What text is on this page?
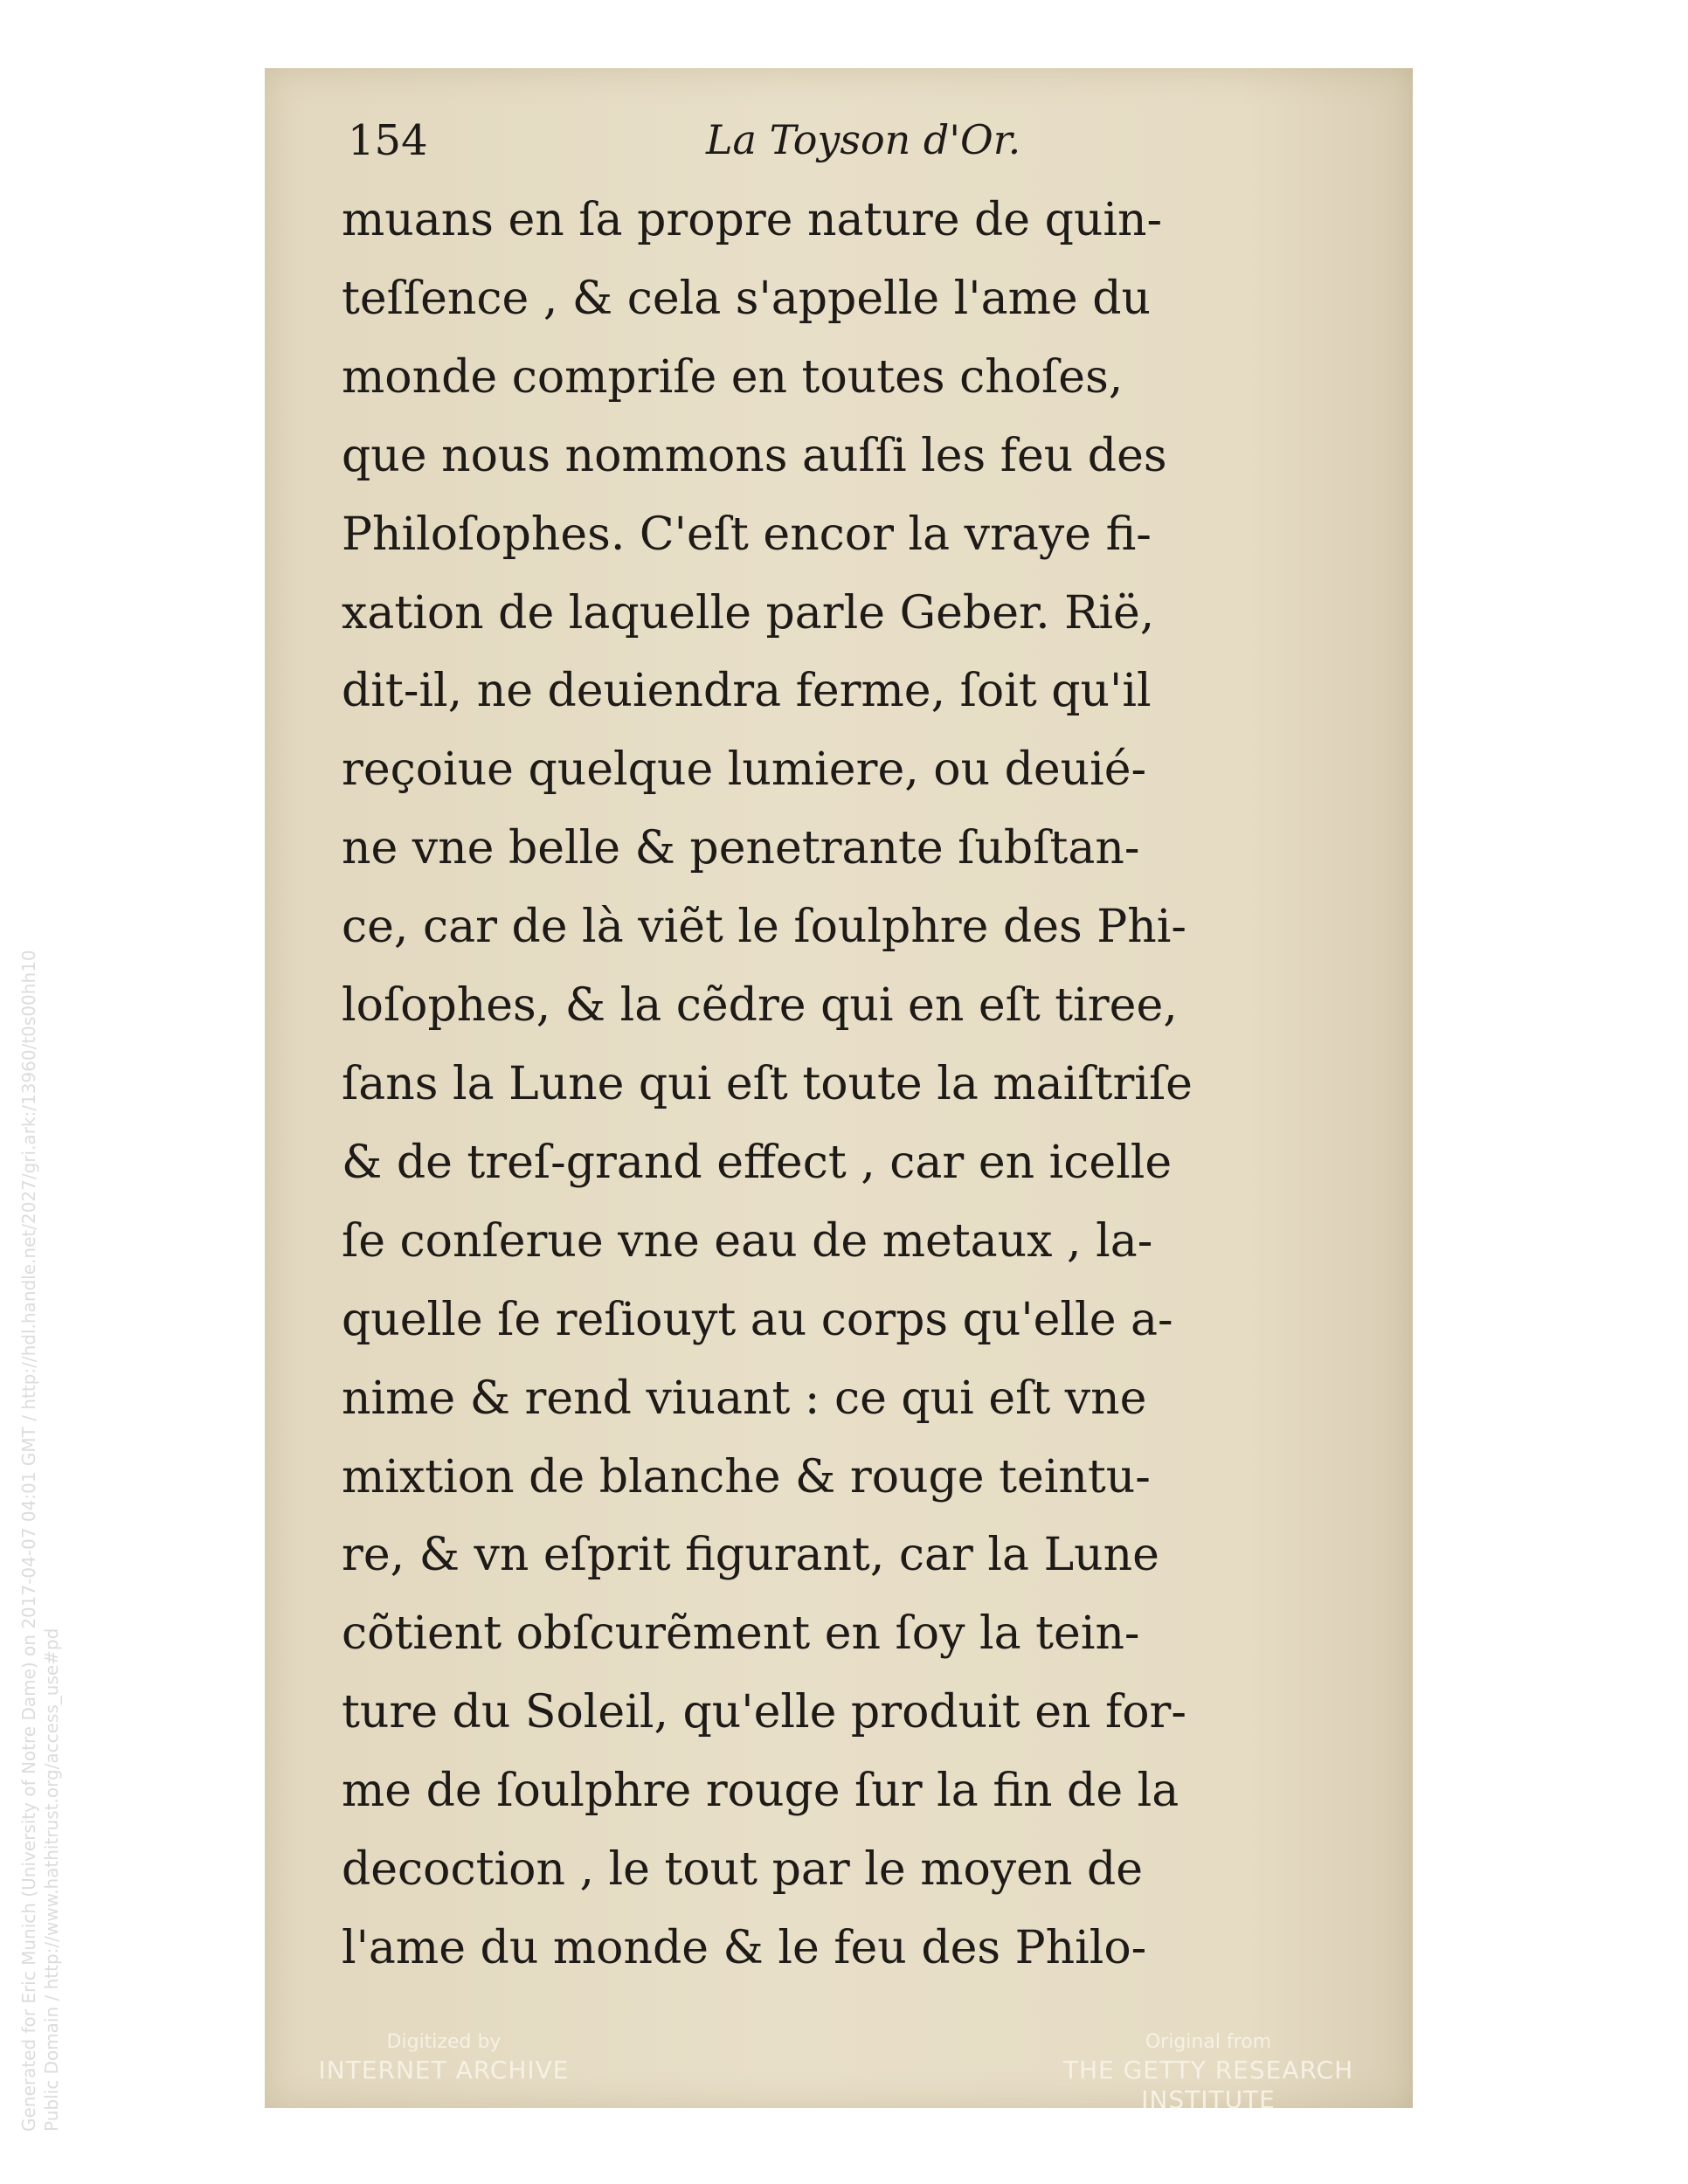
Generated for Eric Munich (University of Notre Dame) on 2017-04-07 04:01 GMT / http://hdl.handle.net/2027/gri.ark:/13960/t0s00hh10 Public Domain / http://www.hathitrust.org/access_use#pd
154	La Toyson d'Or.
muans en ſa propre nature de quin-
teſſence , & cela s'appelle l'ame du
monde compriſe en toutes choſes,
que nous nommons auſſi les feu des
Philoſophes. C'eſt encor la vraye fi-
xation de laquelle parle Geber. Rië,
dit-il, ne deuiendra ferme, ſoit qu'il
reçoiue quelque lumiere, ou deuié-
ne vne belle & penetrante ſubſtan-
ce, car de là viẽt le ſoulphre des Phi-
loſophes, & la cẽdre qui en eſt tiree,
ſans la Lune qui eſt toute la maiſtriſe
& de treſ-grand effect , car en icelle
ſe conſerue vne eau de metaux , la-
quelle ſe reſiouyt au corps qu'elle a-
nime & rend viuant : ce qui eſt vne
mixtion de blanche & rouge teintu-
re, & vn eſprit figurant, car la Lune
cõtient obſcurẽment en ſoy la tein-
ture du Soleil, qu'elle produit en for-
me de ſoulphre rouge ſur la fin de la
decoction , le tout par le moyen de
l'ame du monde & le feu des Philo-
Digitized by
INTERNET ARCHIVE
Original from
THE GETTY RESEARCH INSTITUTE
